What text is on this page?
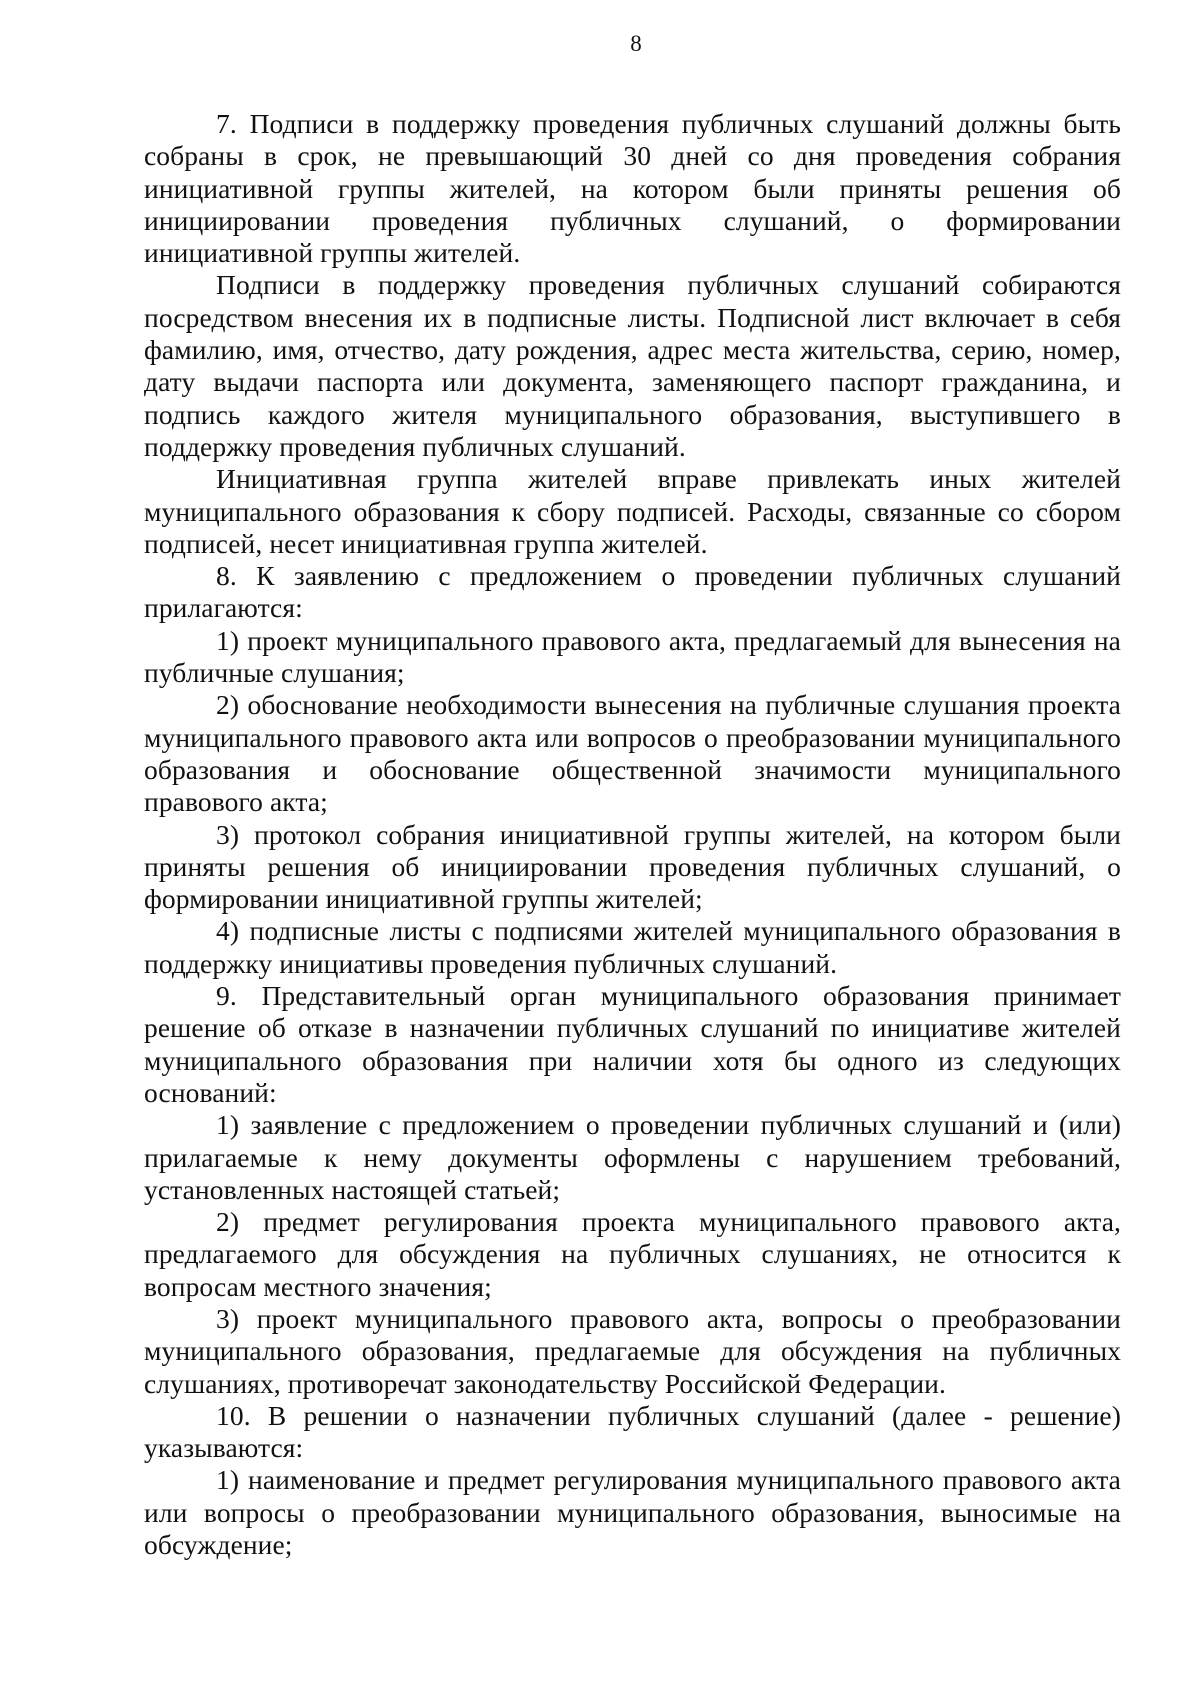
8

7. Подписи в поддержку проведения публичных слушаний должны быть собраны в срок, не превышающий 30 дней со дня проведения собрания инициативной группы жителей, на котором были приняты решения об инициировании проведения публичных слушаний, о формировании инициативной группы жителей.

Подписи в поддержку проведения публичных слушаний собираются посредством внесения их в подписные листы. Подписной лист включает в себя фамилию, имя, отчество, дату рождения, адрес места жительства, серию, номер, дату выдачи паспорта или документа, заменяющего паспорт гражданина, и подпись каждого жителя муниципального образования, выступившего в поддержку проведения публичных слушаний.

Инициативная группа жителей вправе привлекать иных жителей муниципального образования к сбору подписей. Расходы, связанные со сбором подписей, несет инициативная группа жителей.

8. К заявлению с предложением о проведении публичных слушаний прилагаются:

1) проект муниципального правового акта, предлагаемый для вынесения на публичные слушания;

2) обоснование необходимости вынесения на публичные слушания проекта муниципального правового акта или вопросов о преобразовании муниципального образования и обоснование общественной значимости муниципального правового акта;

3) протокол собрания инициативной группы жителей, на котором были приняты решения об инициировании проведения публичных слушаний, о формировании инициативной группы жителей;

4) подписные листы с подписями жителей муниципального образования в поддержку инициативы проведения публичных слушаний.

9. Представительный орган муниципального образования принимает решение об отказе в назначении публичных слушаний по инициативе жителей муниципального образования при наличии хотя бы одного из следующих оснований:

1) заявление с предложением о проведении публичных слушаний и (или) прилагаемые к нему документы оформлены с нарушением требований, установленных настоящей статьей;

2) предмет регулирования проекта муниципального правового акта, предлагаемого для обсуждения на публичных слушаниях, не относится к вопросам местного значения;

3) проект муниципального правового акта, вопросы о преобразовании муниципального образования, предлагаемые для обсуждения на публичных слушаниях, противоречат законодательству Российской Федерации.

10. В решении о назначении публичных слушаний (далее - решение) указываются:

1) наименование и предмет регулирования муниципального правового акта или вопросы о преобразовании муниципального образования, выносимые на обсуждение;
